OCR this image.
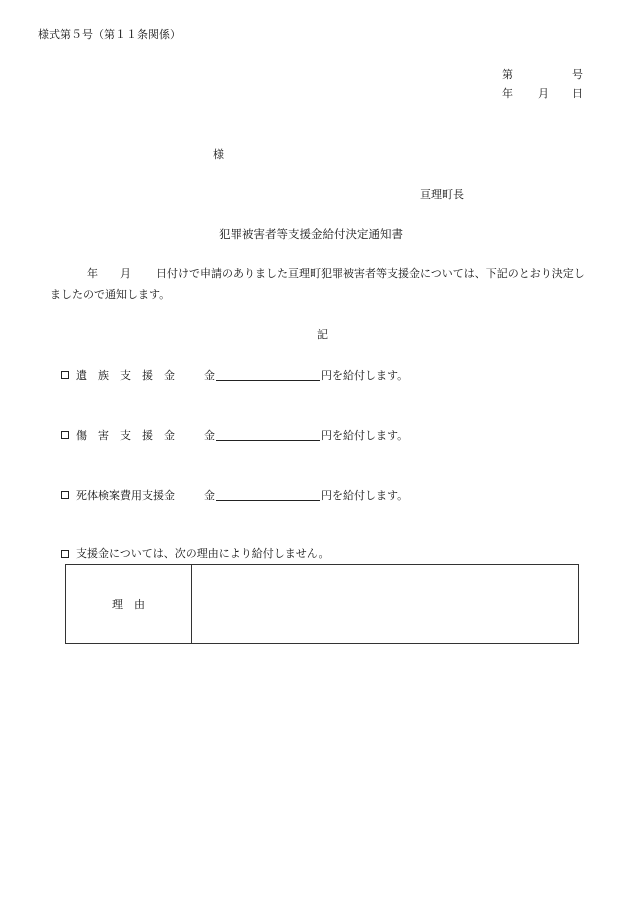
様式第５号（第１１条関係）
第	号
年 月 日
様
亘理町長
犯罪被害者等支援金給付決定通知書
年 月 日付けで申請のありました亘理町犯罪被害者等支援金については、下記のとおり決定し
ましたので通知します。
記
遺　族　支　援　金	金	円を給付します。
傷　害　支　援　金	金	円を給付します。
死体検案費用支援金	金	円を給付します。
支援金については、次の理由により給付しません。
理　由	
